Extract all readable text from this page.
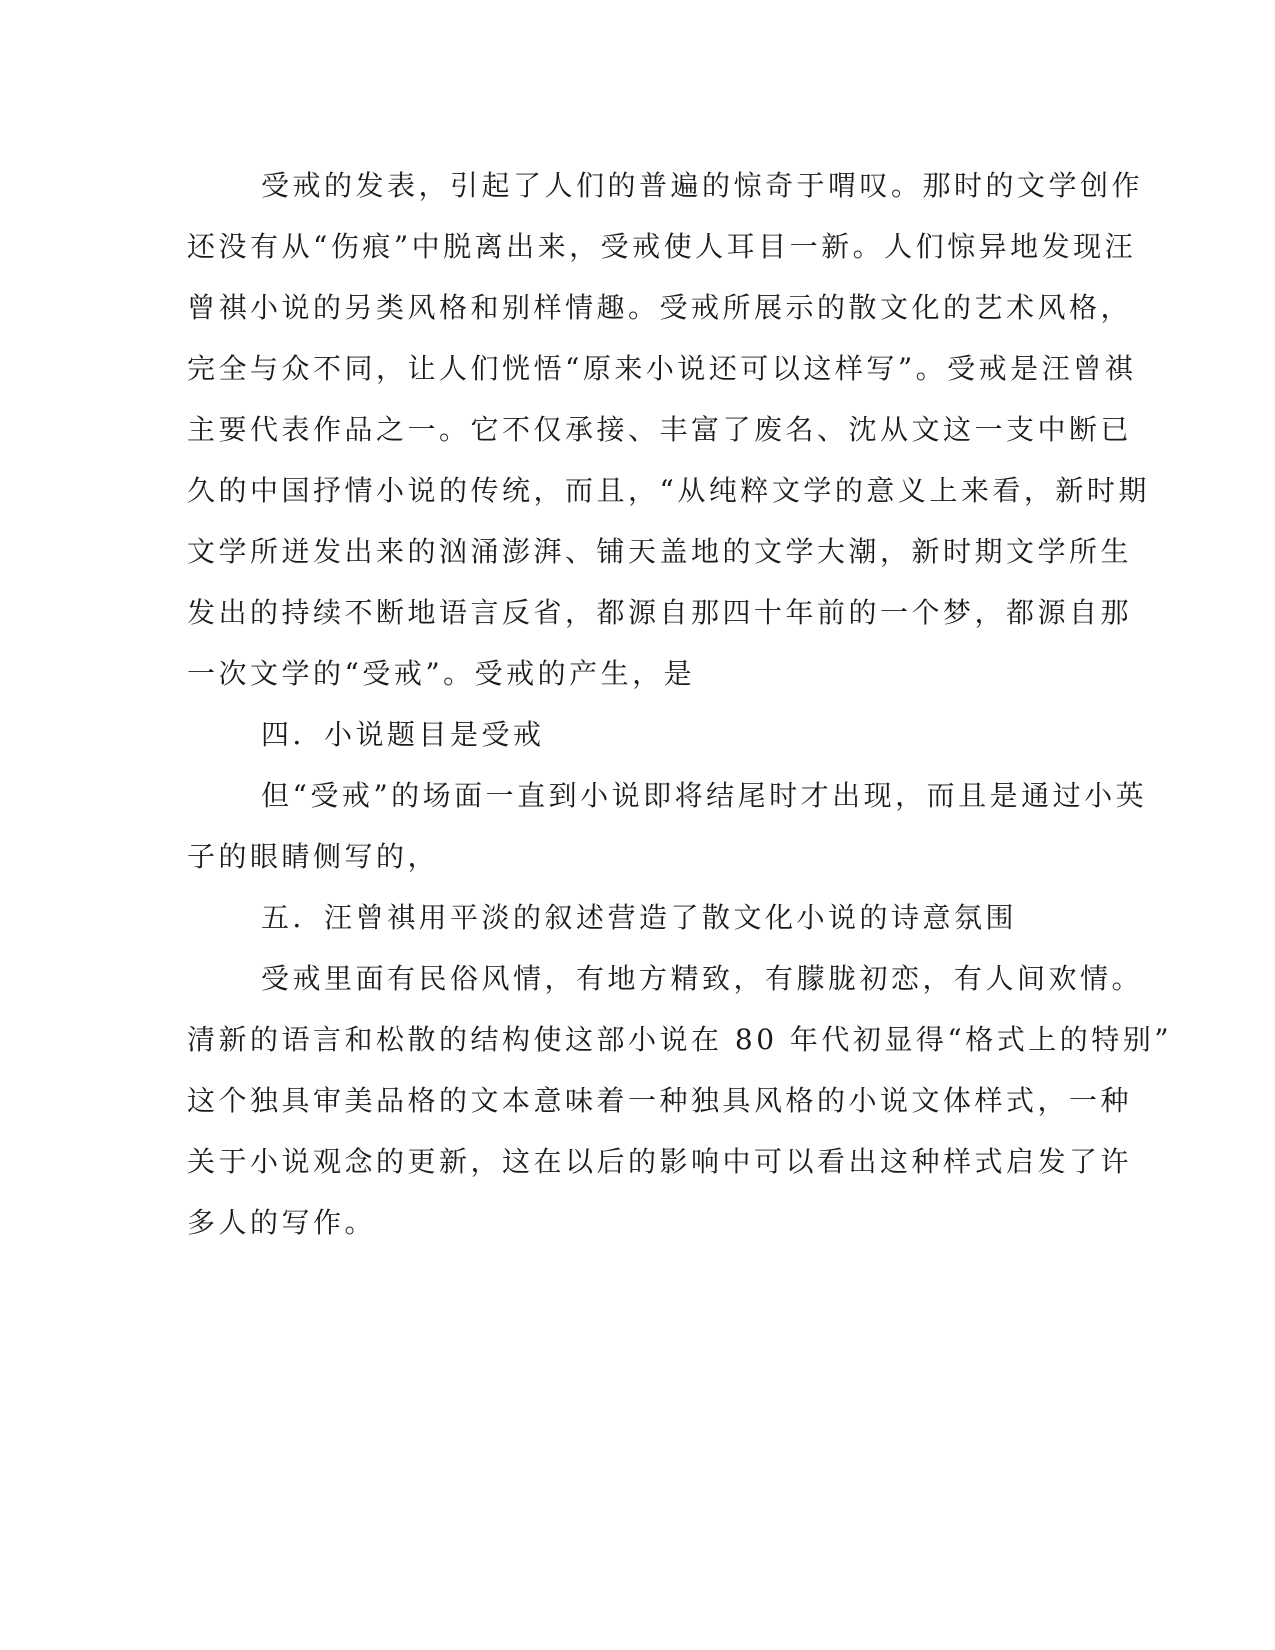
受戒的发表，引起了人们的普遍的惊奇于喟叹。那时的文学创作
还没有从“伤痕”中脱离出来，受戒使人耳目一新。人们惊异地发现汪
曾祺小说的另类风格和别样情趣。受戒所展示的散文化的艺术风格，
完全与众不同，让人们恍悟“原来小说还可以这样写”。受戒是汪曾祺
主要代表作品之一。它不仅承接、丰富了废名、沈从文这一支中断已
久的中国抒情小说的传统，而且，“从纯粹文学的意义上来看，新时期
文学所迸发出来的汹涌澎湃、铺天盖地的文学大潮，新时期文学所生
发出的持续不断地语言反省，都源自那四十年前的一个梦，都源自那
一次文学的“受戒”。受戒的产生，是
四．小说题目是受戒
但“受戒”的场面一直到小说即将结尾时才出现，而且是通过小英
子的眼睛侧写的，
五．汪曾祺用平淡的叙述营造了散文化小说的诗意氛围
受戒里面有民俗风情，有地方精致，有朦胧初恋，有人间欢情。
清新的语言和松散的结构使这部小说在 80 年代初显得“格式上的特别”
这个独具审美品格的文本意味着一种独具风格的小说文体样式，一种
关于小说观念的更新，这在以后的影响中可以看出这种样式启发了许
多人的写作。
